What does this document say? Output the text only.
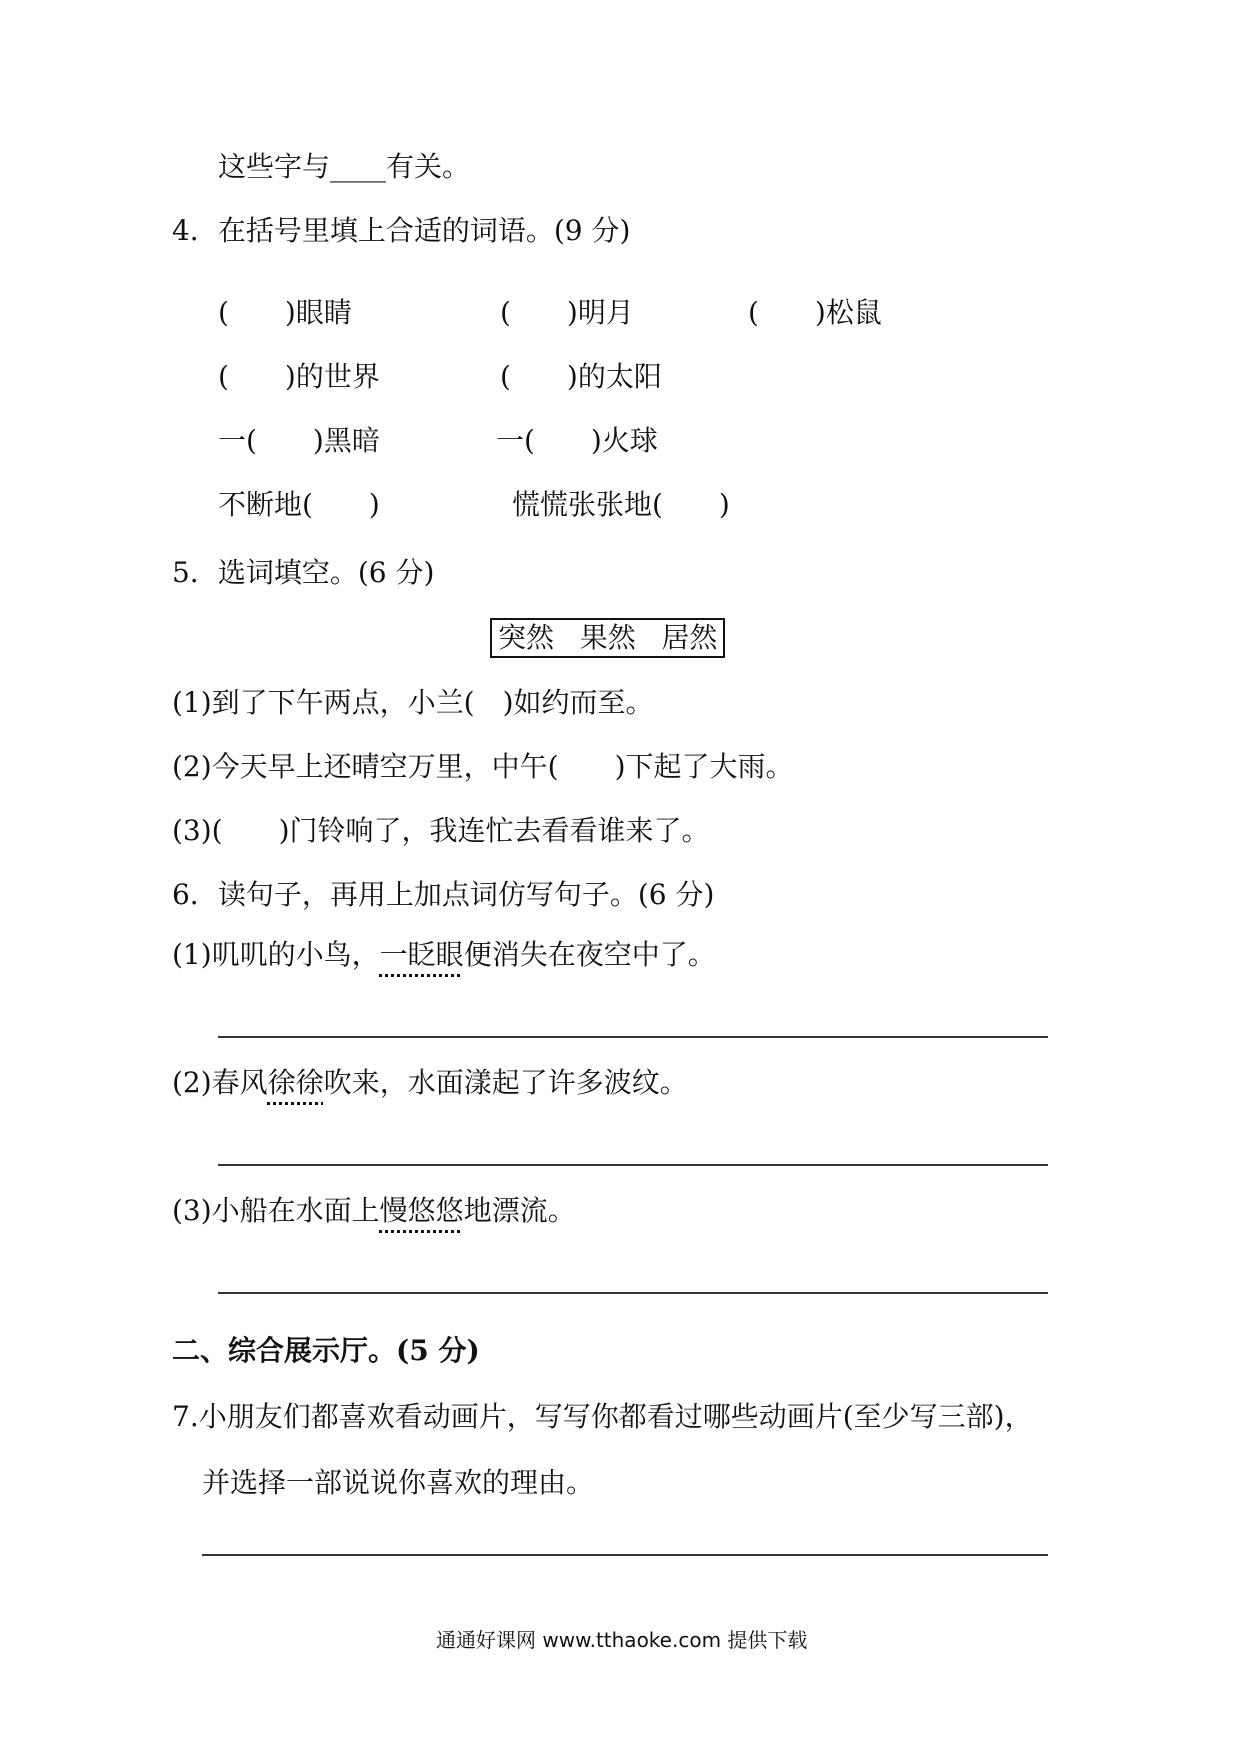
这些字与____有关。
4．在括号里填上合适的词语。(9 分)
(　　)眼睛	(　　)明月	(　　)松鼠
(　　)的世界	(　　)的太阳
一(　　)黑暗	一(　　)火球
不断地(　　)	慌慌张张地(　　)
5．选词填空。(6 分)
突然 果然 居然
(1)到了下午两点，小兰(　)如约而至。
(2)今天早上还晴空万里，中午(　　)下起了大雨。
(3)(　　)门铃响了，我连忙去看看谁来了。
6．读句子，再用上加点词仿写句子。(6 分)
(1)叽叽的小鸟，一眨眼便消失在夜空中了。
(2)春风徐徐吹来，水面漾起了许多波纹。
(3)小船在水面上慢悠悠地漂流。
二、综合展示厅。(5 分)
7.小朋友们都喜欢看动画片，写写你都看过哪些动画片(至少写三部)，
并选择一部说说你喜欢的理由。
通通好课网 www.tthaoke.com 提供下载
